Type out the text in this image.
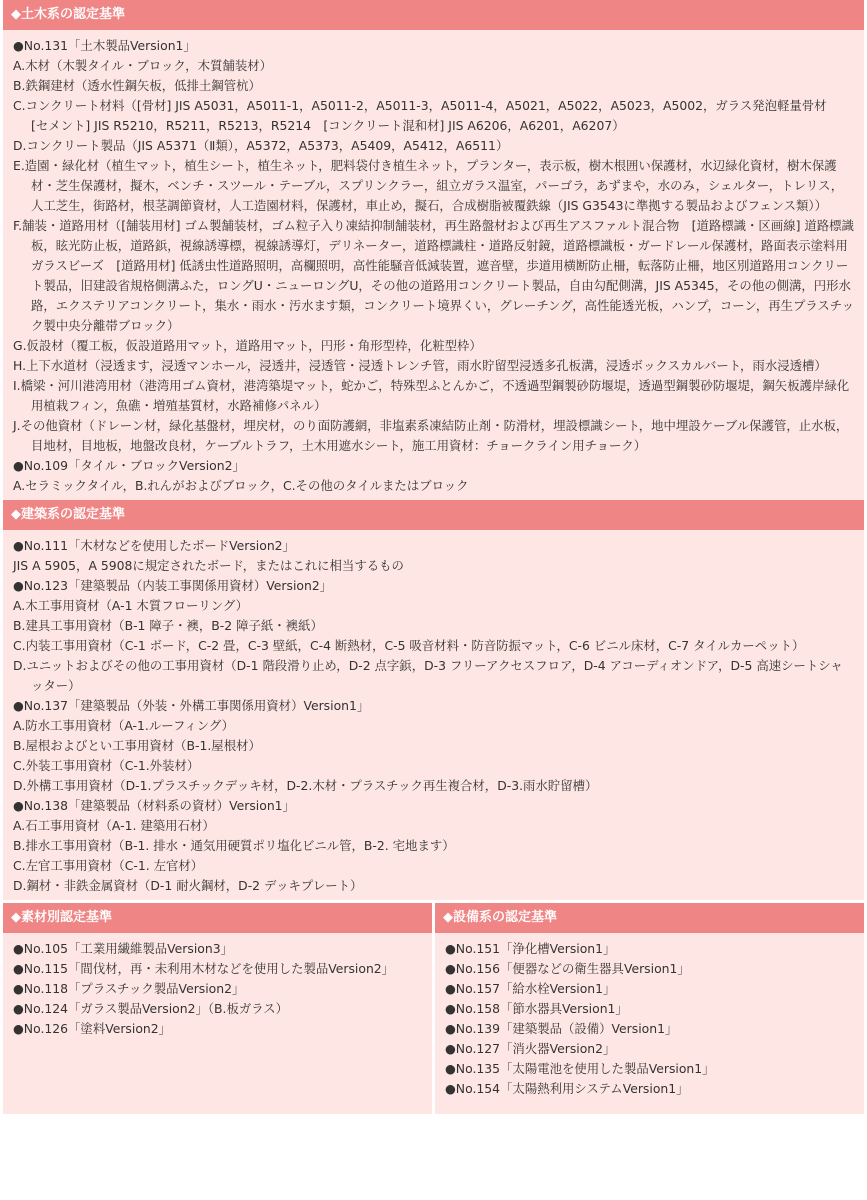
◆土木系の認定基準

●No.131「土木製品Version1」

A.木材（木製タイル・ブロック，木質舗装材）

B.鉄鋼建材（透水性鋼矢板，低排土鋼管杭）

C.コンクリート材料（[骨材] JIS A5031，A5011-1，A5011-2，A5011-3，A5011-4，A5021，A5022，A5023，A5002，ガラス発泡軽量骨材　[セメント] JIS R5210，R5211，R5213，R5214　[コンクリート混和材] JIS A6206，A6201，A6207）

D.コンクリート製品（JIS A5371（Ⅱ類），A5372，A5373，A5409，A5412，A6511）

E.造園・緑化材（植生マット，植生シート，植生ネット，肥料袋付き植生ネット，プランター，表示板，樹木根囲い保護材，水辺緑化資材，樹木保護材・芝生保護材，擬木，ベンチ・スツール・テーブル，スプリンクラー，組立ガラス温室，パーゴラ，あずまや，水のみ，シェルター，トレリス，人工芝生，街路材，根茎調節資材，人工造園材料，保護材，車止め，擬石，合成樹脂被覆鉄線（JIS G3543に準拠する製品およびフェンス類））

F.舗装・道路用材（[舗装用材] ゴム製舗装材，ゴム粒子入り凍結抑制舗装材，再生路盤材および再生アスファルト混合物　[道路標識・区画線] 道路標識板，眩光防止板，道路鋲，視線誘導標，視線誘導灯，デリネーター，道路標識柱・道路反射鏡，道路標識板・ガードレール保護材，路面表示塗料用ガラスビーズ　[道路用材] 低誘虫性道路照明，高欄照明，高性能騒音低減装置，遮音壁，歩道用横断防止柵，転落防止柵，地区別道路用コンクリート製品，旧建設省規格側溝ふた，ロングU・ニューロングU，その他の道路用コンクリート製品，自由勾配側溝，JIS A5345，その他の側溝，円形水路，エクステリアコンクリート，集水・雨水・汚水ます類，コンクリート境界くい，グレーチング，高性能透光板，ハンプ，コーン，再生プラスチック製中央分離帯ブロック）

G.仮設材（覆工板，仮設道路用マット，道路用マット，円形・角形型枠，化粧型枠）

H.上下水道材（浸透ます，浸透マンホール，浸透井，浸透管・浸透トレンチ管，雨水貯留型浸透多孔板溝，浸透ボックスカルバート，雨水浸透槽）

I.橋梁・河川港湾用材（港湾用ゴム資材，港湾築堤マット，蛇かご，特殊型ふとんかご，不透過型鋼製砂防堰堤，透過型鋼製砂防堰堤，鋼矢板護岸緑化用植栽フィン，魚礁・増殖基質材，水路補修パネル）

J.その他資材（ドレーン材，緑化基盤材，埋戻材，のり面防護網，非塩素系凍結防止剤・防滑材，埋設標識シート，地中埋設ケーブル保護管，止水板，目地材，目地板，地盤改良材，ケーブルトラフ，土木用遮水シート，施工用資材：チョークライン用チョーク）

●No.109「タイル・ブロックVersion2」

A.セラミックタイル，B.れんがおよびブロック，C.その他のタイルまたはブロック

◆建築系の認定基準

●No.111「木材などを使用したボードVersion2」

JIS A 5905，A 5908に規定されたボード，またはこれに相当するもの

●No.123「建築製品（内装工事関係用資材）Version2」

A.木工事用資材（A-1 木質フローリング）

B.建具工事用資材（B-1 障子・襖，B-2 障子紙・襖紙）

C.内装工事用資材（C-1 ボード，C-2 畳，C-3 壁紙，C-4 断熱材，C-5 吸音材料・防音防振マット，C-6 ビニル床材，C-7 タイルカーペット）

D.ユニットおよびその他の工事用資材（D-1 階段滑り止め，D-2 点字鋲，D-3 フリーアクセスフロア，D-4 アコーディオンドア，D-5 高速シートシャッター）

●No.137「建築製品（外装・外構工事関係用資材）Version1」

A.防水工事用資材（A-1.ルーフィング）

B.屋根およびとい工事用資材（B-1.屋根材）

C.外装工事用資材（C-1.外装材）

D.外構工事用資材（D-1.プラスチックデッキ材，D-2.木材・プラスチック再生複合材，D-3.雨水貯留槽）

●No.138「建築製品（材料系の資材）Version1」

A.石工事用資材（A-1. 建築用石材）

B.排水工事用資材（B-1. 排水・通気用硬質ポリ塩化ビニル管，B-2. 宅地ます）

C.左官工事用資材（C-1. 左官材）

D.鋼材・非鉄金属資材（D-1 耐火鋼材，D-2 デッキプレート）

◆素材別認定基準

●No.105「工業用繊維製品Version3」

●No.115「間伐材，再・未利用木材などを使用した製品Version2」

●No.118「プラスチック製品Version2」

●No.124「ガラス製品Version2」（B.板ガラス）

●No.126「塗料Version2」

◆設備系の認定基準

●No.151「浄化槽Version1」

●No.156「便器などの衛生器具Version1」

●No.157「給水栓Version1」

●No.158「節水器具Version1」

●No.139「建築製品（設備）Version1」

●No.127「消火器Version2」

●No.135「太陽電池を使用した製品Version1」

●No.154「太陽熱利用システムVersion1」
